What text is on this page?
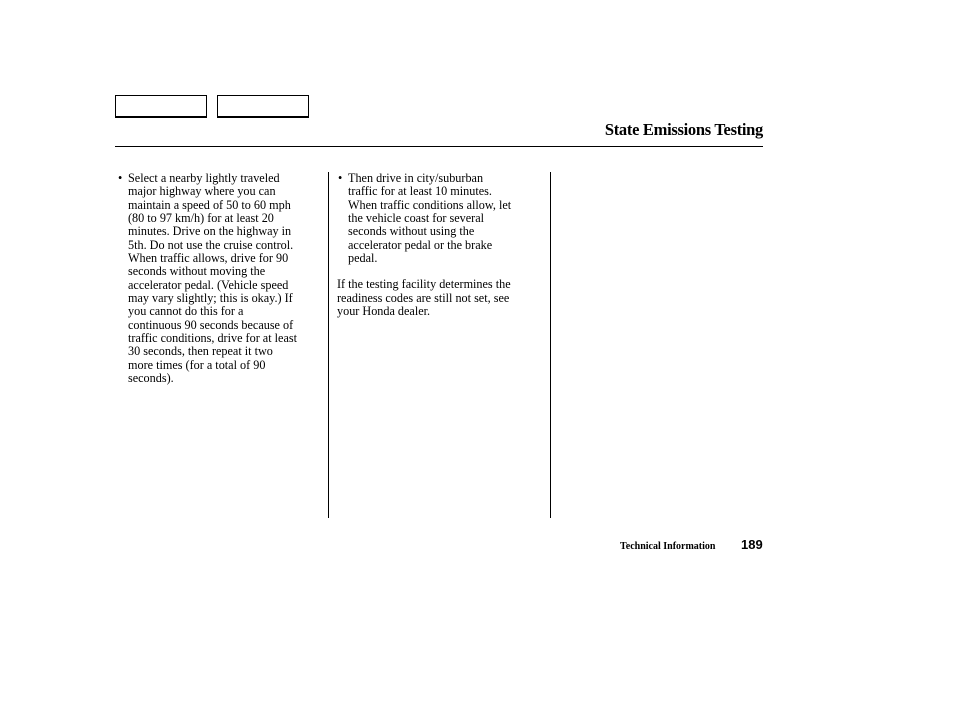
State Emissions Testing
• Select a nearby lightly traveled
major highway where you can
maintain a speed of 50 to 60 mph
(80 to 97 km/h) for at least 20
minutes. Drive on the highway in
5th. Do not use the cruise control.
When traffic allows, drive for 90
seconds without moving the
accelerator pedal. (Vehicle speed
may vary slightly; this is okay.) If
you cannot do this for a
continuous 90 seconds because of
traffic conditions, drive for at least
30 seconds, then repeat it two
more times (for a total of 90
seconds).
• Then drive in city/suburban
traffic for at least 10 minutes.
When traffic conditions allow, let
the vehicle coast for several
seconds without using the
accelerator pedal or the brake
pedal.
If the testing facility determines the
readiness codes are still not set, see
your Honda dealer.
Technical Information 189
